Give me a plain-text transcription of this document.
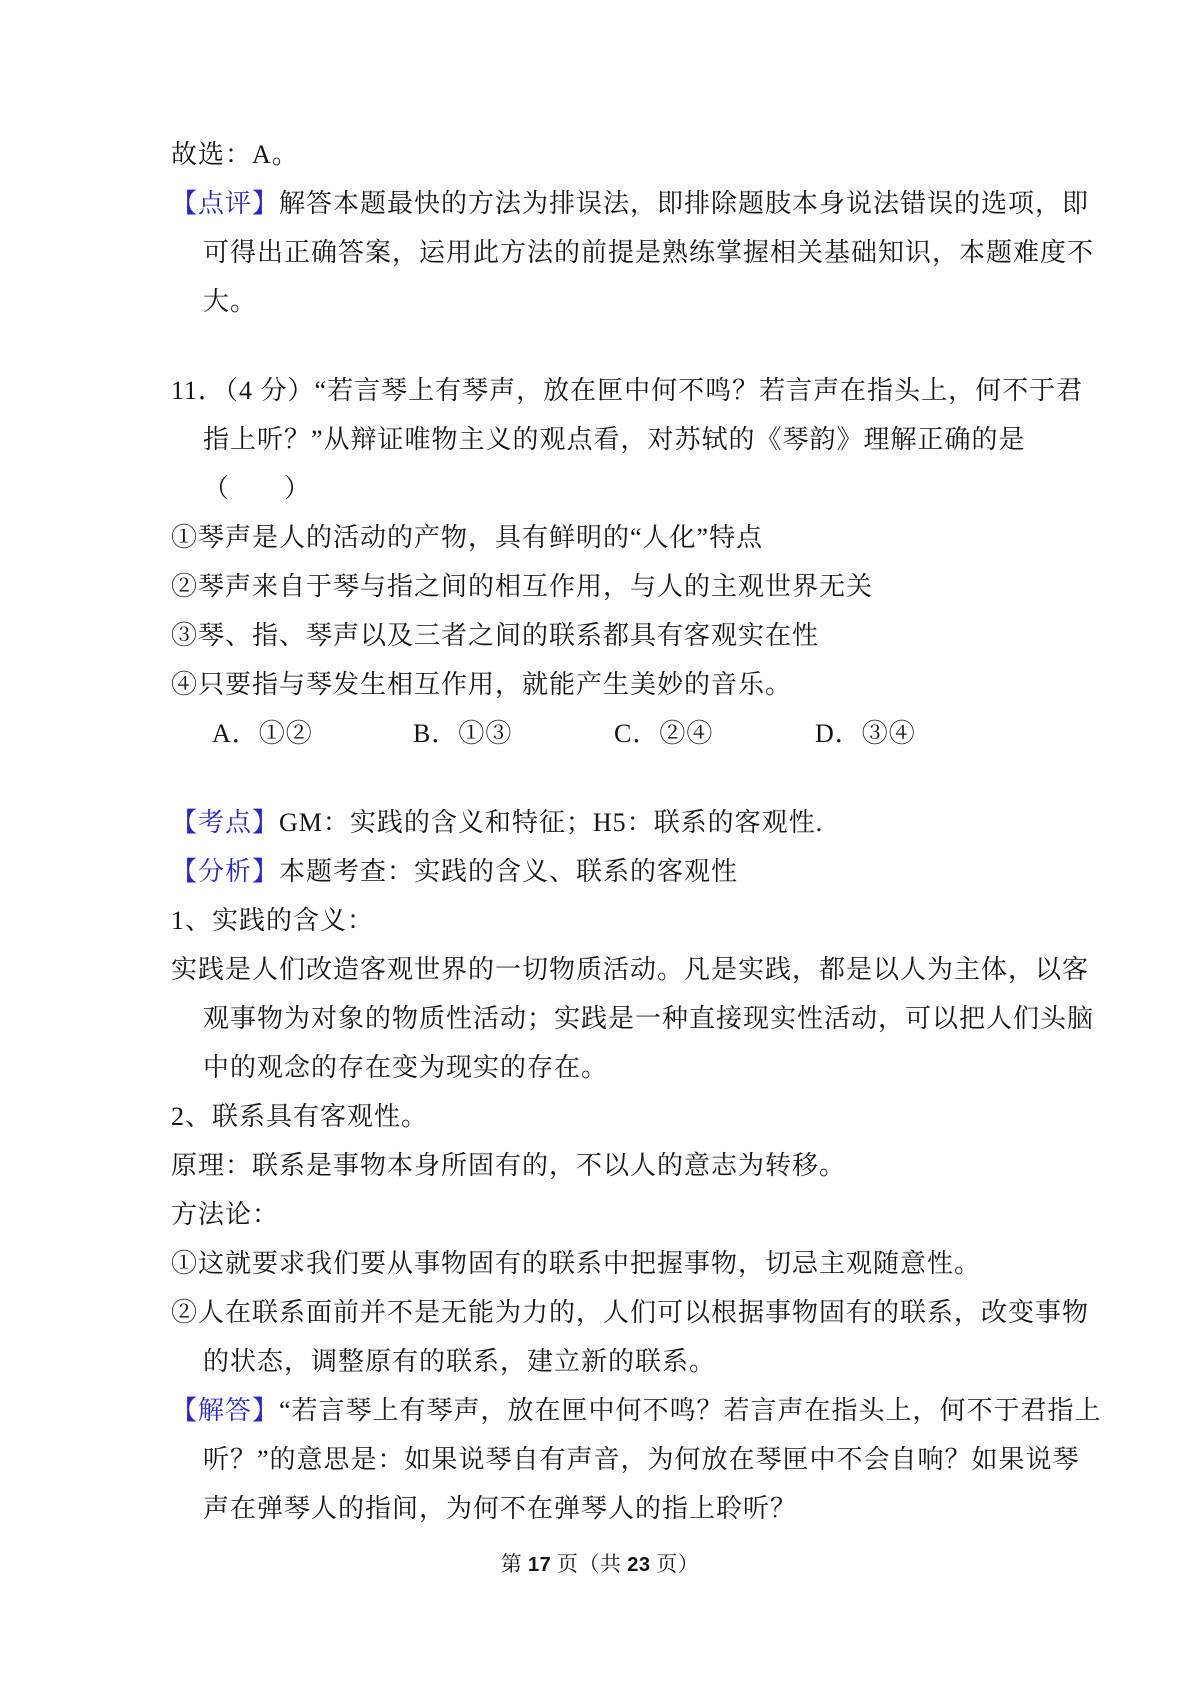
故选：A。
【点评】解答本题最快的方法为排误法，即排除题肢本身说法错误的选项，即
可得出正确答案，运用此方法的前提是熟练掌握相关基础知识，本题难度不
大。
11．（4 分）“若言琴上有琴声，放在匣中何不鸣？若言声在指头上，何不于君
指上听？”从辩证唯物主义的观点看，对苏轼的《琴韵》理解正确的是
（　　）
①琴声是人的活动的产物，具有鲜明的“人化”特点
②琴声来自于琴与指之间的相互作用，与人的主观世界无关
③琴、指、琴声以及三者之间的联系都具有客观实在性
④只要指与琴发生相互作用，就能产生美妙的音乐。
A．①②	B．①③	C．②④	D．③④
【考点】GM：实践的含义和特征；H5：联系的客观性.
【分析】本题考查：实践的含义、联系的客观性
1、实践的含义：
实践是人们改造客观世界的一切物质活动。凡是实践，都是以人为主体，以客
观事物为对象的物质性活动；实践是一种直接现实性活动，可以把人们头脑
中的观念的存在变为现实的存在。
2、联系具有客观性。
原理：联系是事物本身所固有的，不以人的意志为转移。
方法论：
①这就要求我们要从事物固有的联系中把握事物，切忌主观随意性。
②人在联系面前并不是无能为力的，人们可以根据事物固有的联系，改变事物
的状态，调整原有的联系，建立新的联系。
【解答】“若言琴上有琴声，放在匣中何不鸣？若言声在指头上，何不于君指上
听？”的意思是：如果说琴自有声音，为何放在琴匣中不会自响？如果说琴
声在弹琴人的指间，为何不在弹琴人的指上聆听？
第 17 页（共 23 页）
